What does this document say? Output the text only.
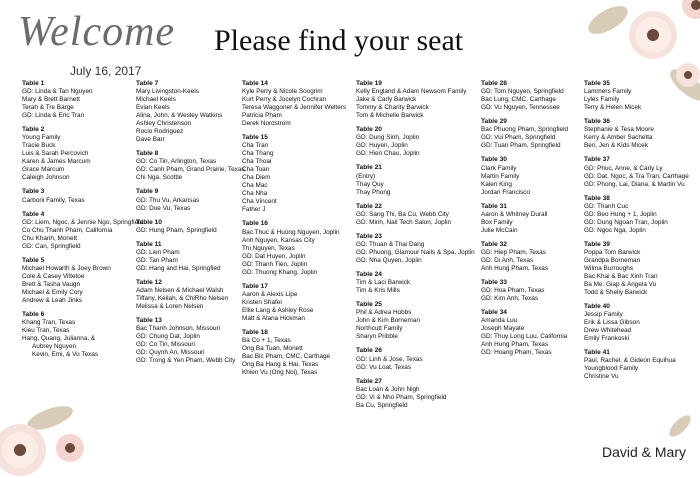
Welcome
July 16, 2017
Please find your seat
Table 1
GD: Linda & Tan Nguyen
Mary & Brett Barnett
Terah & Tre Barge
GD: Linda & Eric Tran
Table 2
Young Family
Tracie Buck
Luis & Sarah Percovich
Karen & James Marcum
Grace Marcum
Caleigh Johnson
Table 3
Carboni Family, Texas
Table 4
GD: Liem, Ngoc, & Jennie Ngo, Springfield
Co Chu Thanh Pham, California
Chu Khanh, Monett
GD: Can, Springfield
Table 5
Michael Howarth & Joey Brown
Cole & Casey Vittetoe
Brett & Tasha Vaugn
Michael & Emily Cory
Andrew & Leah Jinks
Table 6
Khang Tran, Texas
Kieu Tran, Texas
Hang, Quang, Julianna, &
Aubrey Nguyen
Kevin, Emi, & Vu Texas
Table 7
Mary Livingston-Keels
Michael Keels
Evian Keels
Alina, John, & Wesley Watkins
Ashley Christenson
Rocio Rodriguez
Dave Barr
Table 8
GD: Co Tin, Arlington, Texas
GD: Canh Pham, Grand Prairie, Texas
Chi Nga, Scottle
Table 9
GD: Thu Vu, Arkansas
GD: Due Vu, Texas
Table 10
GD: Hung Pham, Springfield
Table 11
GD: Lien Pham
GD: Tan Pham
GD: Hang and Hai, Springfied
Table 12
Adam Nelsen & Michael Walsh
Tiffany, Keilah, & ChiRho Nelsen
Melissa & Loren Nelsen
Table 13
Bac Thanh Johnson, Missouri
GD: Chung Dat, Joplin
GD: Co Tin, Missouri
GD: Quynh An, Missouri
GD: Trong & Yen Pham, Webb City
Table 14
Kyle Perry & Nicole Soogrim
Kurt Perry & Jocelyn Cochran
Teresa Waggoner & Jennifer Welters
Patricia Pham
Derek Nordstrom
Table 15
Cha Tran
Cha Thang
Cha Thoai
Cha Toan
Cha Diem
Cha Mac
Cha Nha
Cha Vincent
Father J
Table 16
Bac Thuc & Huong Nguyen, Joplin
Anh Nguyen, Kansas City
Thi Nguyen, Texas
GD: Dat Huyen, Joplin
GD: Thanh Tien, Joplin
GD: Thuong Khang, Joplin
Table 17
Aaron & Alexis Lipe
Kristen Shafer
Ellie Lang & Ashley Rose
Matt & Alana Hickman
Table 18
Bà Co + 1, Texas
Ong Ba Tuan, Monett
Bac Bic Pham, CMC, Carthage
Ong Ba Hang & Hai, Texas
Khien Vu (Ong Noi), Texas
Table 19
Kelly England & Adam Newsom Family
Jake & Carly Barwick
Tommy & Charity Barwick
Tom & Michelle Barwick
Table 20
GD: Dung Sinh, Joplin
GD: Huyen, Joplin
GD: Hien Chau, Joplin
Table 21
(Entry)
Thay Quy
Thay Phong
Table 22
GD: Sang Thi, Ba Cu, Webb City
GD: Minh, Nail Tech Salon, Joplin
Table 23
GD: Thuan & Thai Dang
GD: Phuong, Glamour Nails & Spa, Joplin
GD: Nha Quyen, Joplin
Table 24
Tim & Laci Barwick
Tim & Kris Mills
Table 25
Phil & Adrea Hobbs
John & Kim Borneman
Northcutt Family
Sharyn Pribble
Table 26
GD: Linh & Jose, Texas
GD: Vu Loat, Texas
Table 27
Bac Loan & John Nigh
GD: Vi & Nho Pham, Springfield
Ba Cu, Springfield
Table 28
GD: Tom Nguyen, Springfield
Bac Lung, CMC, Carthage
GD: Vu Nguyen, Tennessee
Table 29
Bac Phuong Pham, Springfield
GD: Vui Pham, Springfield
GD: Tuan Pham, Springfield
Table 30
Clark Family
Martin Family
Kalen King
Jordan Francisco
Table 31
Aaron & Whitney Durall
Box Family
Julie McCain
Table 32
GD: Hiep Pham, Texas
GD: Di Anh, Texas
Anh Hung Pham, Texas
Table 33
GD: Hoa Pham, Texas
GD: Kim Anh, Texas
Table 34
Amanda Luu
Joseph Mayate
GD: Thuy Long Luu, California
Anh Hung Pham, Texas
GD: Hoang Pham, Texas
Table 35
Lammers Family
Lyles Family
Terry & Helen Micek
Table 36
Stephanie & Tesa Moore
Kerry & Amber Sachetta
Ben, Jen & Kids Micek
Table 37
GD: Phuc, Anne, & Carly Ly
GD: Dat, Ngoc, & Tra Tran, Carthage
GD: Phong, Lai, Diana, & Martin Vu
Table 38
GD: Thanh Cuc
GD: Beo Hung + 1, Joplin
GD: Dung Ngoan Tran, Joplin
GD: Ngoc Nga, Joplin
Table 39
Poppa Tom Barwick
Grandpa Borneman
Wilma Burroughs
Bac Khai & Bac Xinh Tran
Ba Me: Giap & Angela Vu
Todd & Shelly Barwick
Table 40
Jessip Family
Erik & Lissa Gibson
Drew Whitehead
Emily Frankoski
Table 41
Paul, Rachel, & Gideon Equihua
Youngblood Family
Christine Vu
David & Mary
